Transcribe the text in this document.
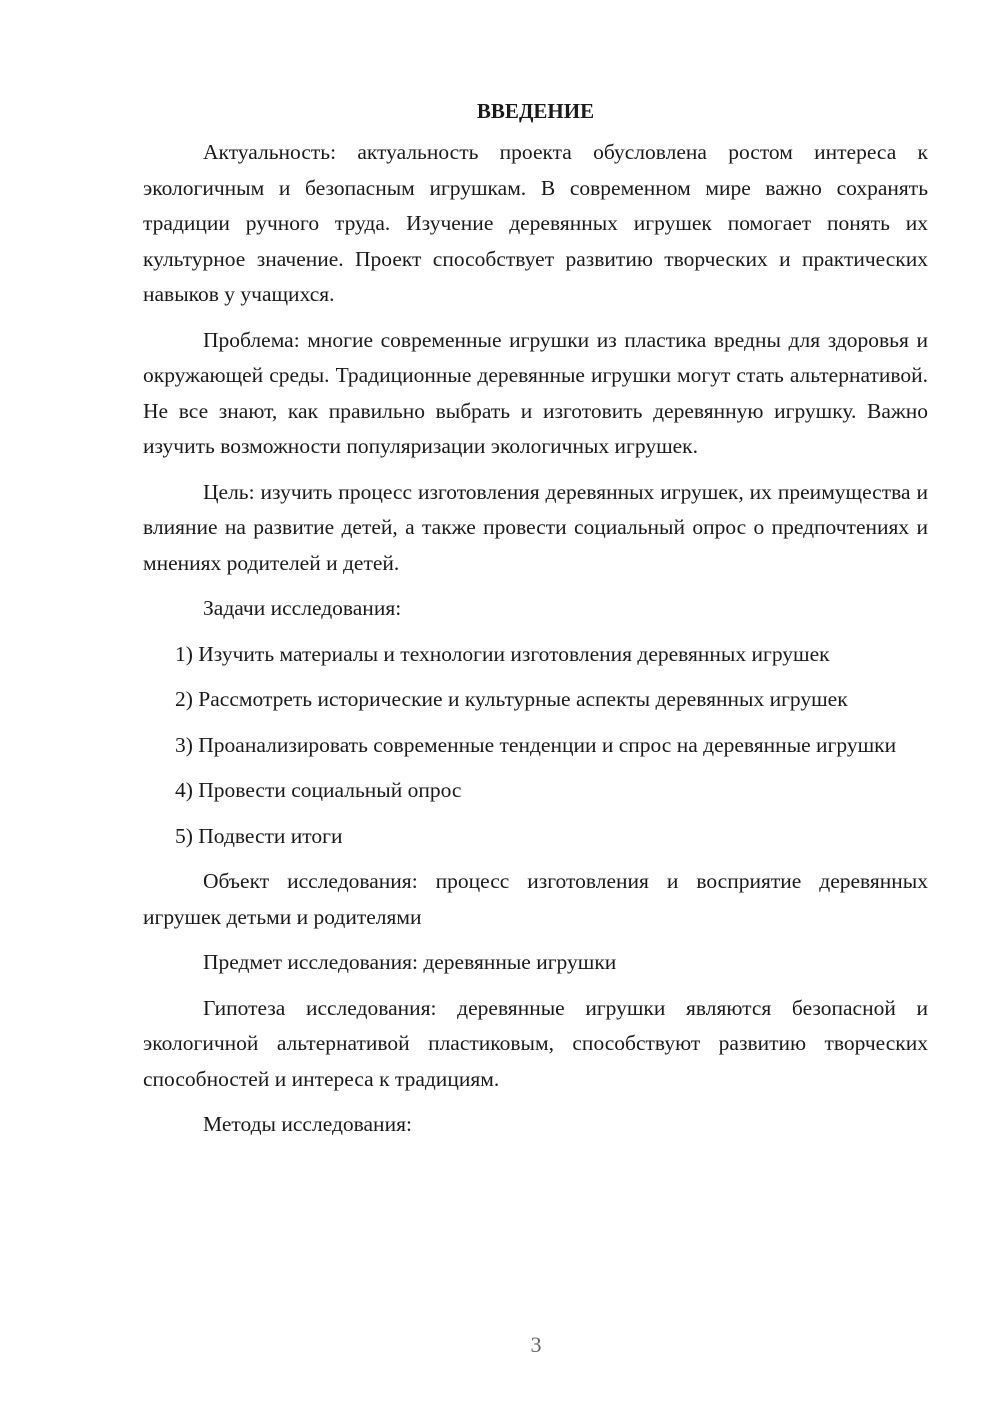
ВВЕДЕНИЕ

Актуальность: актуальность проекта обусловлена ростом интереса к экологичным и безопасным игрушкам. В современном мире важно сохранять традиции ручного труда. Изучение деревянных игрушек помогает понять их культурное значение. Проект способствует развитию творческих и практических навыков у учащихся.

Проблема: многие современные игрушки из пластика вредны для здоровья и окружающей среды. Традиционные деревянные игрушки могут стать альтернативой. Не все знают, как правильно выбрать и изготовить деревянную игрушку. Важно изучить возможности популяризации экологичных игрушек.

Цель: изучить процесс изготовления деревянных игрушек, их преимущества и влияние на развитие детей, а также провести социальный опрос о предпочтениях и мнениях родителей и детей.

Задачи исследования:

1) Изучить материалы и технологии изготовления деревянных игрушек

2) Рассмотреть исторические и культурные аспекты деревянных игрушек

3) Проанализировать современные тенденции и спрос на деревянные игрушки

4) Провести социальный опрос

5) Подвести итоги

Объект исследования: процесс изготовления и восприятие деревянных игрушек детьми и родителями

Предмет исследования: деревянные игрушки

Гипотеза исследования: деревянные игрушки являются безопасной и экологичной альтернативой пластиковым, способствуют развитию творческих способностей и интереса к традициям.

Методы исследования:

3
